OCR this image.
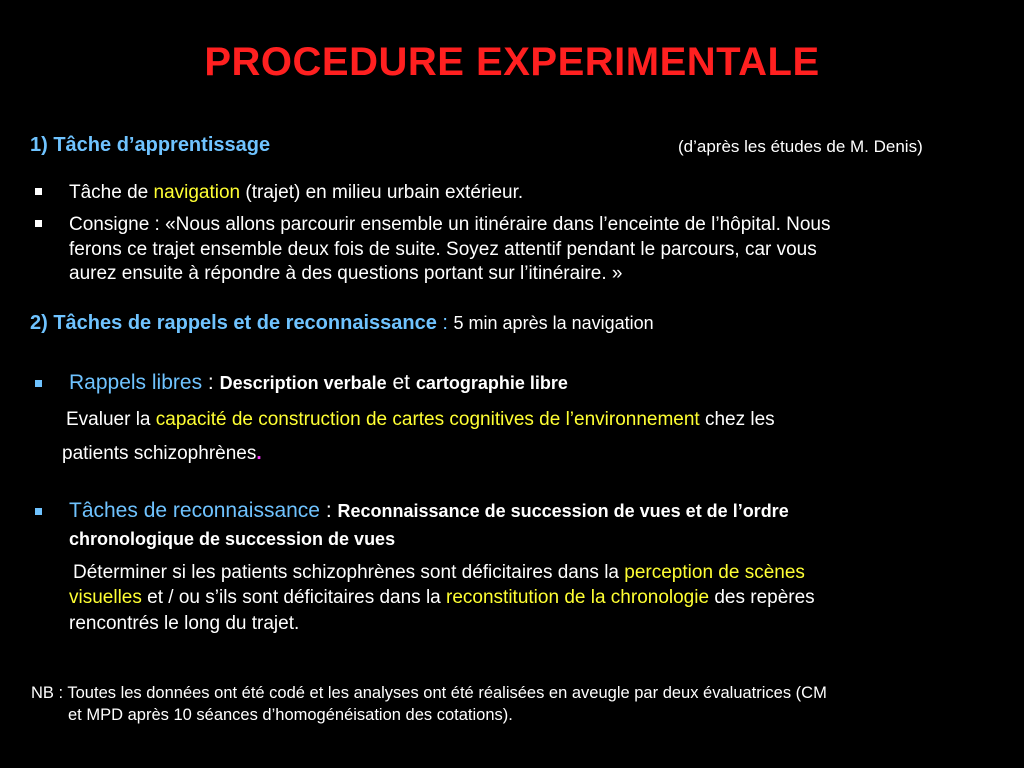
PROCEDURE EXPERIMENTALE
1) Tâche d’apprentissage	(d’après les études de M. Denis)
Tâche de navigation (trajet) en milieu urbain extérieur.
Consigne : «Nous allons parcourir ensemble un itinéraire dans l’enceinte de l’hôpital. Nous
ferons ce trajet ensemble deux fois de suite. Soyez attentif pendant le parcours, car vous
aurez ensuite à répondre à des questions portant sur l’itinéraire. »
2) Tâches de rappels et de reconnaissance : 5 min après la navigation
Rappels libres : Description verbale et cartographie libre
Evaluer la capacité de construction de cartes cognitives de l’environnement chez les
patients schizophrènes.
Tâches de reconnaissance : Reconnaissance de succession de vues et de l’ordre
chronologique de succession de vues
Déterminer si les patients schizophrènes sont déficitaires dans la perception de scènes
visuelles et / ou s’ils sont déficitaires dans la reconstitution de la chronologie des repères
rencontrés le long du trajet.
NB : Toutes les données ont été codé et les analyses ont été réalisées en aveugle par deux évaluatrices (CM
et MPD après 10 séances d’homogénéisation des cotations).
